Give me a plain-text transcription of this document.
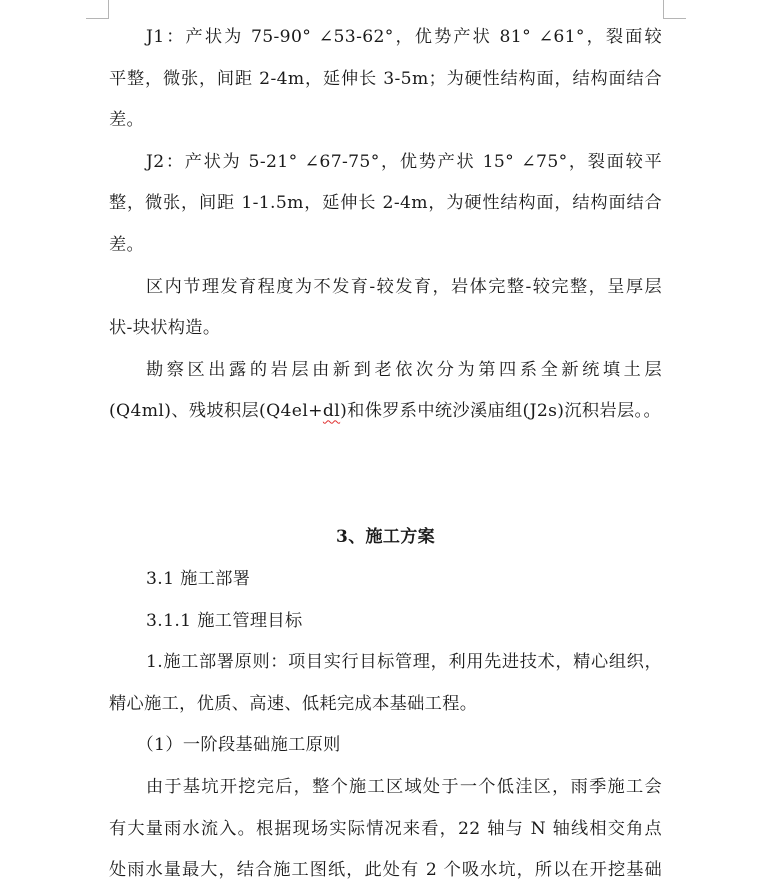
J1：产状为 75-90° ∠53-62°，优势产状 81° ∠61°，裂面较

平整，微张，间距 2-4m，延伸长 3-5m；为硬性结构面，结构面结合

差。

J2：产状为 5-21° ∠67-75°，优势产状 15° ∠75°，裂面较平

整，微张，间距 1-1.5m，延伸长 2-4m，为硬性结构面，结构面结合

差。

区内节理发育程度为不发育-较发育，岩体完整-较完整，呈厚层

状-块状构造。

勘察区出露的岩层由新到老依次分为第四系全新统填土层

(Q4ml)、残坡积层(Q4el+dl)和侏罗系中统沙溪庙组(J2s)沉积岩层。。

3、施工方案

3.1 施工部署

3.1.1 施工管理目标

1.施工部署原则：项目实行目标管理，利用先进技术，精心组织，

精心施工，优质、高速、低耗完成本基础工程。

（1）一阶段基础施工原则

由于基坑开挖完后，整个施工区域处于一个低洼区，雨季施工会

有大量雨水流入。根据现场实际情况来看，22 轴与 N 轴线相交角点

处雨水量最大，结合施工图纸，此处有 2 个吸水坑，所以在开挖基础
